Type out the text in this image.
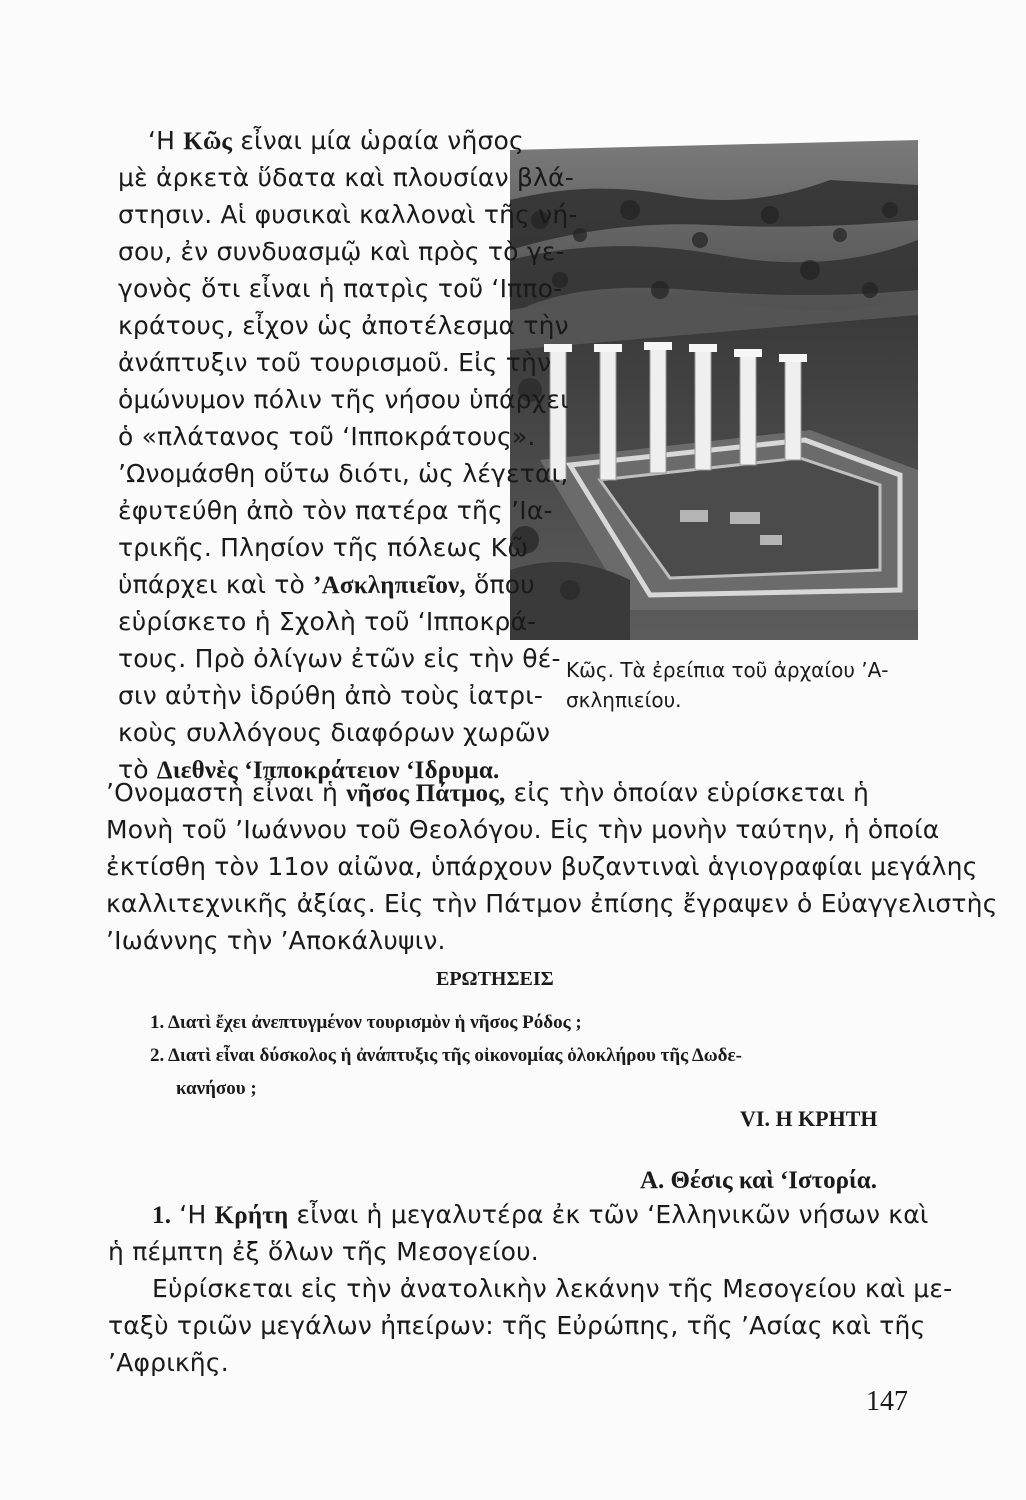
‘Η Κῶς εἶναι μία ὡραία νῆσος
μὲ ἀρκετὰ ὕδατα καὶ πλουσίαν βλά-
στησιν. Αἱ φυσικαὶ καλλοναὶ τῆς νή-
σου, ἐν συνδυασμῷ καὶ πρὸς τὸ γε-
γονὸς ὅτι εἶναι ἡ πατρὶς τοῦ ‘Ιππο-
κράτους, εἶχον ὡς ἀποτέλεσμα τὴν
ἀνάπτυξιν τοῦ τουρισμοῦ. Εἰς τὴν
ὁμώνυμον πόλιν τῆς νήσου ὑπάρχει
ὁ «πλάτανος τοῦ ‘Ιπποκράτους».
’Ωνομάσθη οὕτω διότι, ὡς λέγεται,
ἐφυτεύθη ἀπὸ τὸν πατέρα τῆς ’Ια-
τρικῆς. Πλησίον τῆς πόλεως Κῶ
ὑπάρχει καὶ τὸ ’Ασκληπιεῖον, ὅπου
εὑρίσκετο ἡ Σχολὴ τοῦ ‘Ιπποκρά-
τους. Πρὸ ὀλίγων ἐτῶν εἰς τὴν θέ-
σιν αὐτὴν ἱδρύθη ἀπὸ τοὺς ἰατρι-
κοὺς συλλόγους διαφόρων χωρῶν
τὸ Διεθνὲς ‘Ιπποκράτειον ‘Ιδρυμα.
Κῶς. Τὰ ἐρείπια τοῦ ἀρχαίου ’Α-
σκληπιείου.
’Ονομαστὴ εἶναι ἡ νῆσος Πάτμος, εἰς τὴν ὁποίαν εὑρίσκεται ἡ
Μονὴ τοῦ ’Ιωάννου τοῦ Θεολόγου. Εἰς τὴν μονὴν ταύτην, ἡ ὁποία
ἐκτίσθη τὸν 11ον αἰῶνα, ὑπάρχουν βυζαντιναὶ ἁγιογραφίαι μεγάλης
καλλιτεχνικῆς ἀξίας. Εἰς τὴν Πάτμον ἐπίσης ἔγραψεν ὁ Εὐαγγελιστὴς
’Ιωάννης τὴν ’Αποκάλυψιν.
ΕΡΩΤΗΣΕΙΣ
1. Διατὶ ἔχει ἀνεπτυγμένον τουρισμὸν ἡ νῆσος Ρόδος ;
2. Διατὶ εἶναι δύσκολος ἡ ἀνάπτυξις τῆς οἰκονομίας ὁλοκλήρου τῆς Δωδε-
κανήσου ;
VI. Η ΚΡΗΤΗ
Α. Θέσις καὶ ‘Ιστορία.
1. ‘Η Κρήτη εἶναι ἡ μεγαλυτέρα ἐκ τῶν ‘Ελληνικῶν νήσων καὶ
ἡ πέμπτη ἐξ ὅλων τῆς Μεσογείου.
Εὑρίσκεται εἰς τὴν ἀνατολικὴν λεκάνην τῆς Μεσογείου καὶ με-
ταξὺ τριῶν μεγάλων ἠπείρων: τῆς Εὐρώπης, τῆς ’Ασίας καὶ τῆς
’Αφρικῆς.
147
